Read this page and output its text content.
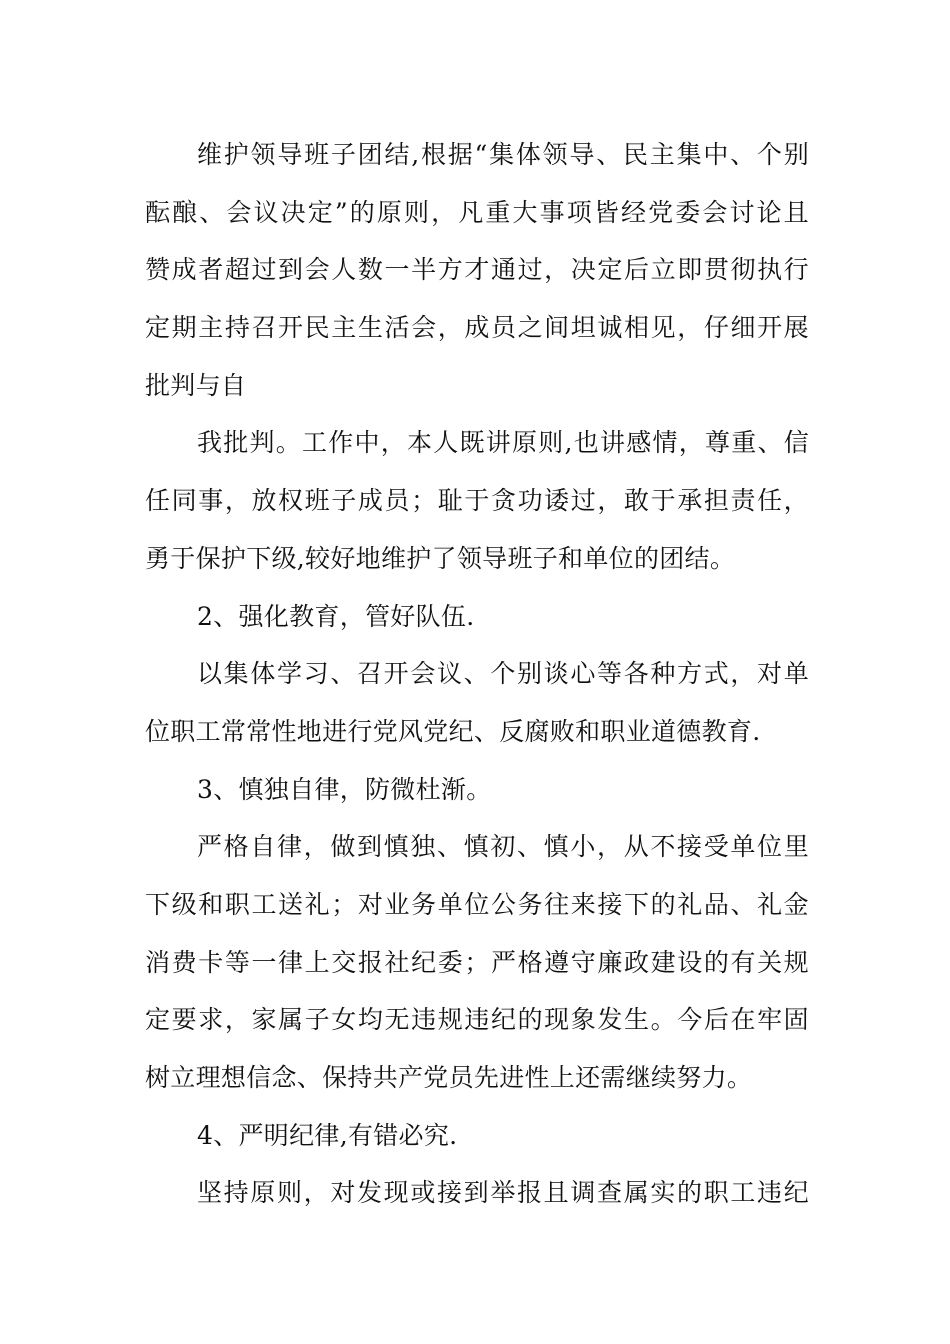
维护领导班子团结,根据“集体领导、民主集中、个别
酝酿、会议决定”的原则，凡重大事项皆经党委会讨论且
赞成者超过到会人数一半方才通过，决定后立即贯彻执行
定期主持召开民主生活会，成员之间坦诚相见，仔细开展
批判与自
我批判。工作中，本人既讲原则,也讲感情，尊重、信
任同事，放权班子成员；耻于贪功诿过，敢于承担责任，
勇于保护下级,较好地维护了领导班子和单位的团结。
2、强化教育，管好队伍.
以集体学习、召开会议、个别谈心等各种方式，对单
位职工常常性地进行党风党纪、反腐败和职业道德教育.
3、慎独自律，防微杜渐。
严格自律，做到慎独、慎初、慎小，从不接受单位里
下级和职工送礼；对业务单位公务往来接下的礼品、礼金
消费卡等一律上交报社纪委；严格遵守廉政建设的有关规
定要求，家属子女均无违规违纪的现象发生。今后在牢固
树立理想信念、保持共产党员先进性上还需继续努力。
4、严明纪律,有错必究.
坚持原则，对发现或接到举报且调查属实的职工违纪
